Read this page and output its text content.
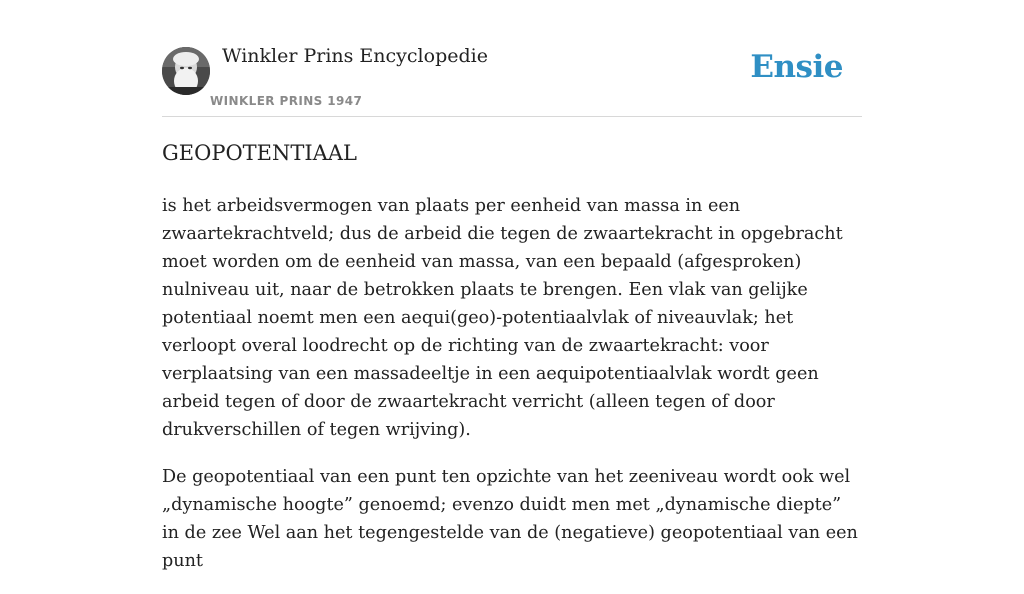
Winkler Prins Encyclopedie
WINKLER PRINS 1947
Ensie
GEOPOTENTIAAL

is het arbeidsvermogen van plaats per eenheid van massa in een zwaartekrachtveld; dus de arbeid die tegen de zwaartekracht in opgebracht moet worden om de eenheid van massa, van een bepaald (afgesproken) nulniveau uit, naar de betrokken plaats te brengen. Een vlak van gelijke potentiaal noemt men een aequi(geo)-potentiaalvlak of niveauvlak; het verloopt overal loodrecht op de richting van de zwaartekracht: voor verplaatsing van een massadeeltje in een aequipotentiaalvlak wordt geen arbeid tegen of door de zwaartekracht verricht (alleen tegen of door drukverschillen of tegen wrijving).

De geopotentiaal van een punt ten opzichte van het zeeniveau wordt ook wel „dynamische hoogte” genoemd; evenzo duidt men met „dynamische diepte” in de zee Wel aan het tegengestelde van de (negatieve) geopotentiaal van een punt
